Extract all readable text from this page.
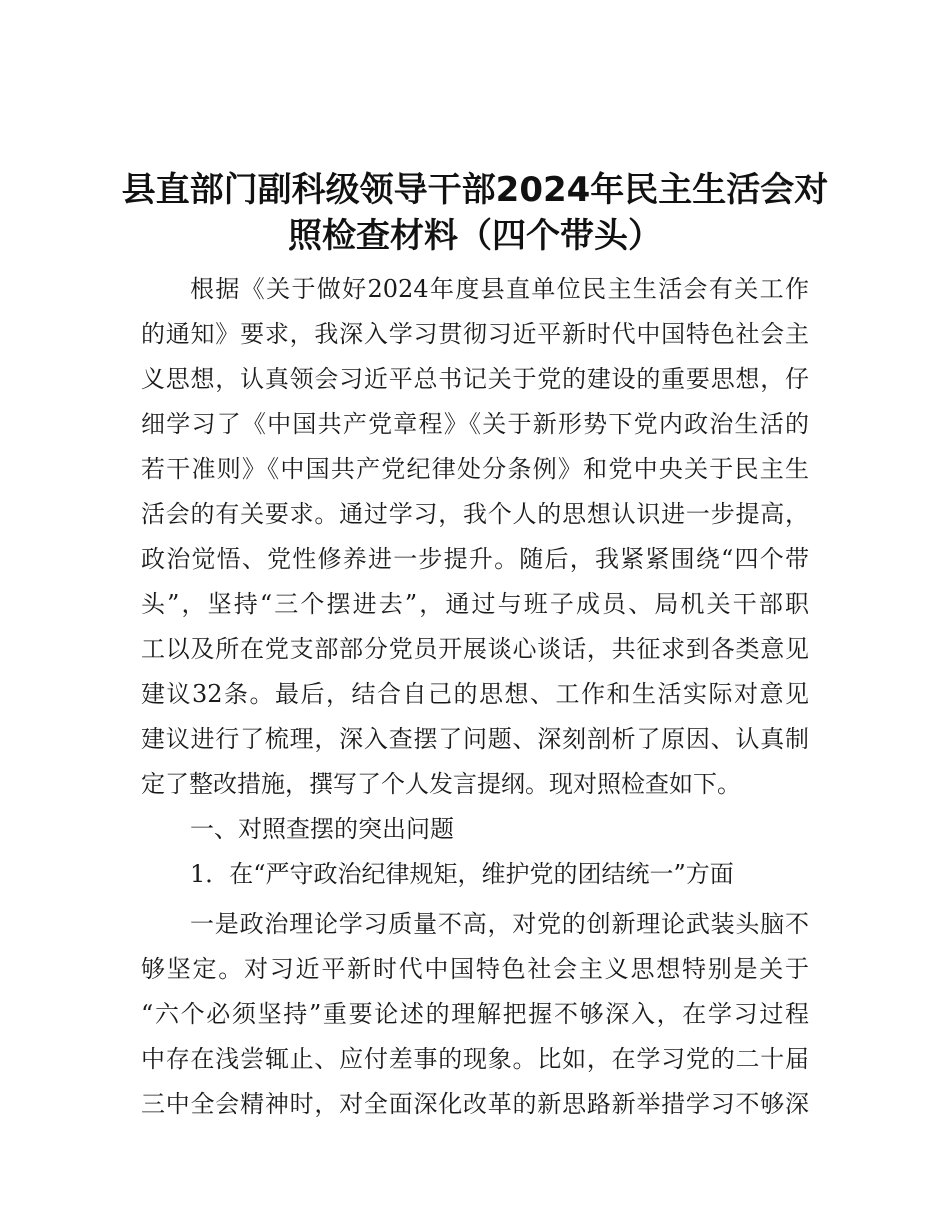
县直部门副科级领导干部2024年民主生活会对
照检查材料（四个带头）

根据《关于做好2024年度县直单位民主生活会有关工作

的通知》要求，我深入学习贯彻习近平新时代中国特色社会主

义思想，认真领会习近平总书记关于党的建设的重要思想，仔

细学习了《中国共产党章程》《关于新形势下党内政治生活的

若干准则》《中国共产党纪律处分条例》和党中央关于民主生

活会的有关要求。通过学习，我个人的思想认识进一步提高，

政治觉悟、党性修养进一步提升。随后，我紧紧围绕“四个带

头”，坚持“三个摆进去”，通过与班子成员、局机关干部职

工以及所在党支部部分党员开展谈心谈话，共征求到各类意见

建议32条。最后，结合自己的思想、工作和生活实际对意见

建议进行了梳理，深入查摆了问题、深刻剖析了原因、认真制

定了整改措施，撰写了个人发言提纲。现对照检查如下。

一、对照查摆的突出问题

1．在“严守政治纪律规矩，维护党的团结统一”方面

一是政治理论学习质量不高，对党的创新理论武装头脑不

够坚定。对习近平新时代中国特色社会主义思想特别是关于

“六个必须坚持”重要论述的理解把握不够深入，在学习过程

中存在浅尝辄止、应付差事的现象。比如，在学习党的二十届

三中全会精神时，对全面深化改革的新思路新举措学习不够深
